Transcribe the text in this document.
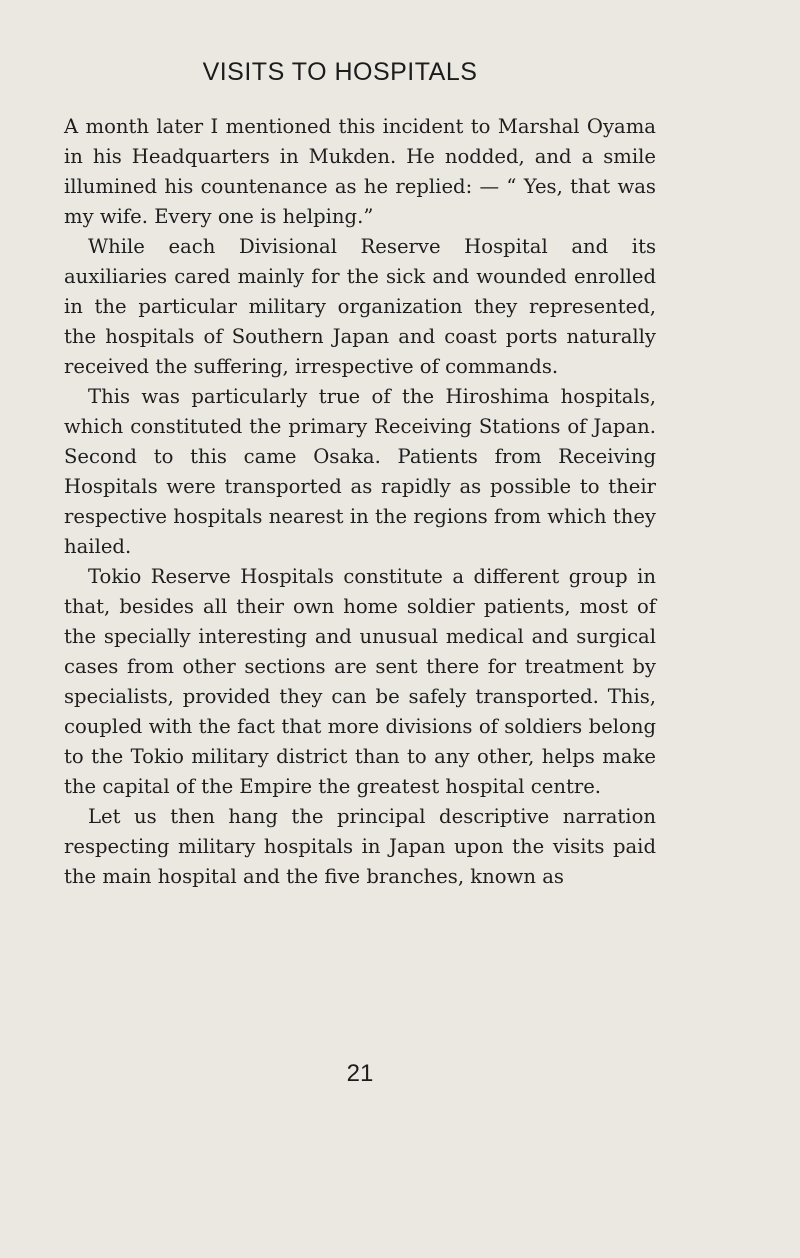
VISITS TO HOSPITALS

A month later I mentioned this incident to Marshal Oyama in his Headquarters in Mukden. He nodded, and a smile illumined his countenance as he replied: — “ Yes, that was my wife. Every one is helping.”

While each Divisional Reserve Hospital and its auxiliaries cared mainly for the sick and wounded enrolled in the particular military organization they represented, the hospitals of Southern Japan and coast ports naturally received the suffering, irrespective of commands.

This was particularly true of the Hiroshima hospitals, which constituted the primary Receiving Stations of Japan. Second to this came Osaka. Patients from Receiving Hospitals were transported as rapidly as possible to their respective hospitals nearest in the regions from which they hailed.

Tokio Reserve Hospitals constitute a different group in that, besides all their own home soldier patients, most of the specially interesting and unusual medical and surgical cases from other sections are sent there for treatment by specialists, provided they can be safely transported. This, coupled with the fact that more divisions of soldiers belong to the Tokio military district than to any other, helps make the capital of the Empire the greatest hospital centre.

Let us then hang the principal descriptive narration respecting military hospitals in Japan upon the visits paid the main hospital and the five branches, known as

21
